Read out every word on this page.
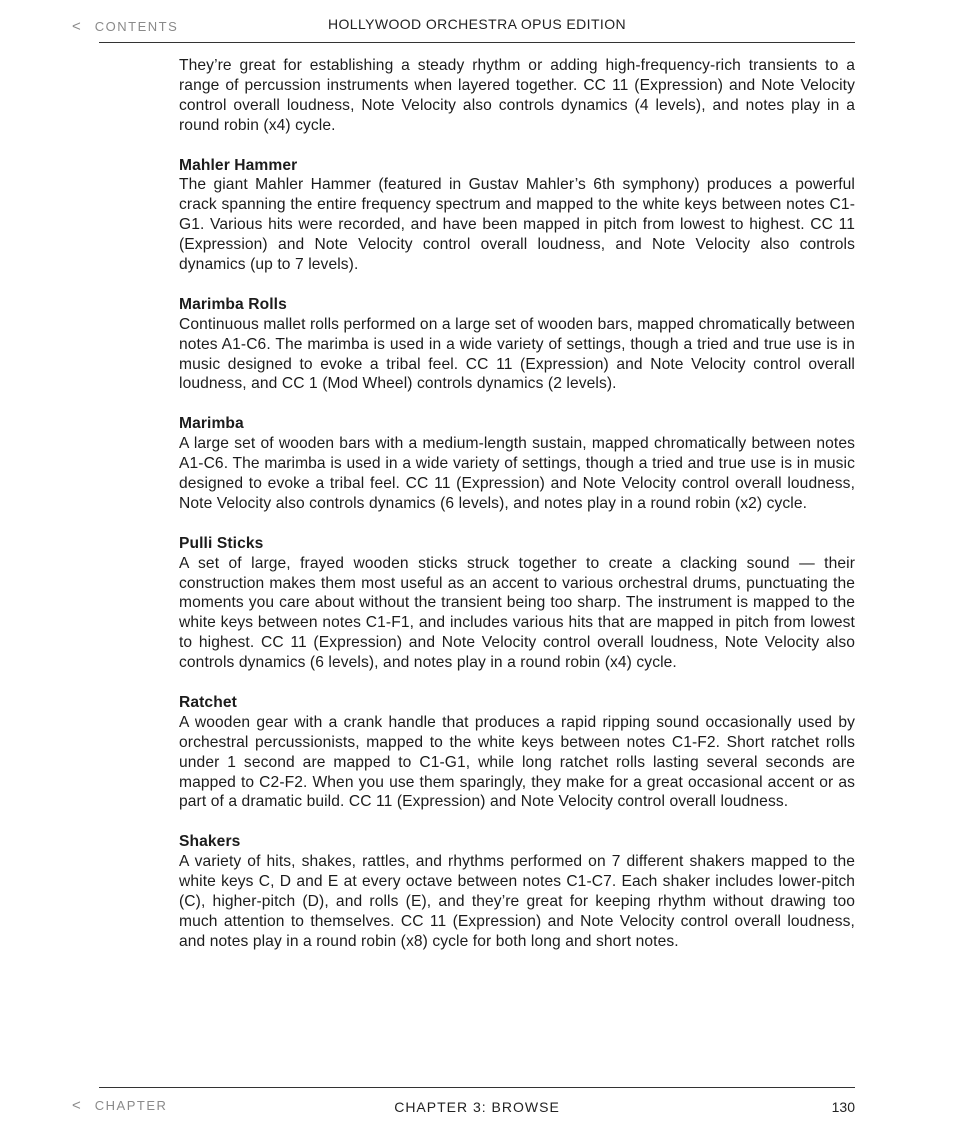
< CONTENTS	HOLLYWOOD ORCHESTRA OPUS EDITION

They’re great for establishing a steady rhythm or adding high-frequency-rich transients to a range of percussion instruments when layered together. CC 11 (Expression) and Note Velocity control overall loudness, Note Velocity also controls dynamics (4 levels), and notes play in a round robin (x4) cycle.

Mahler Hammer

The giant Mahler Hammer (featured in Gustav Mahler’s 6th symphony) produces a powerful crack spanning the entire frequency spectrum and mapped to the white keys between notes C1-G1. Various hits were recorded, and have been mapped in pitch from lowest to highest. CC 11 (Expression) and Note Velocity control overall loudness, and Note Velocity also controls dynamics (up to 7 levels).

Marimba Rolls

Continuous mallet rolls performed on a large set of wooden bars, mapped chromatically between notes A1-C6. The marimba is used in a wide variety of settings, though a tried and true use is in music designed to evoke a tribal feel. CC 11 (Expression) and Note Velocity control overall loudness, and CC 1 (Mod Wheel) controls dynamics (2 levels).

Marimba

A large set of wooden bars with a medium-length sustain, mapped chromatically between notes A1-C6. The marimba is used in a wide variety of settings, though a tried and true use is in music designed to evoke a tribal feel. CC 11 (Expression) and Note Velocity control overall loudness, Note Velocity also controls dynamics (6 levels), and notes play in a round robin (x2) cycle.

Pulli Sticks

A set of large, frayed wooden sticks struck together to create a clacking sound — their construction makes them most useful as an accent to various orchestral drums, punctuating the moments you care about without the transient being too sharp. The instrument is mapped to the white keys between notes C1-F1, and includes various hits that are mapped in pitch from lowest to highest. CC 11 (Expression) and Note Velocity control overall loudness, Note Velocity also controls dynamics (6 levels), and notes play in a round robin (x4) cycle.

Ratchet

A wooden gear with a crank handle that produces a rapid ripping sound occasionally used by orchestral percussionists, mapped to the white keys between notes C1-F2. Short ratchet rolls under 1 second are mapped to C1-G1, while long ratchet rolls lasting several seconds are mapped to C2-F2. When you use them sparingly, they make for a great occasional accent or as part of a dramatic build. CC 11 (Expression) and Note Velocity control overall loudness.

Shakers

A variety of hits, shakes, rattles, and rhythms performed on 7 different shakers mapped to the white keys C, D and E at every octave between notes C1-C7. Each shaker includes lower-pitch (C), higher-pitch (D), and rolls (E), and they’re great for keeping rhythm without drawing too much attention to themselves. CC 11 (Expression) and Note Velocity control overall loudness, and notes play in a round robin (x8) cycle for both long and short notes.

< CHAPTER	CHAPTER 3: BROWSE	130
